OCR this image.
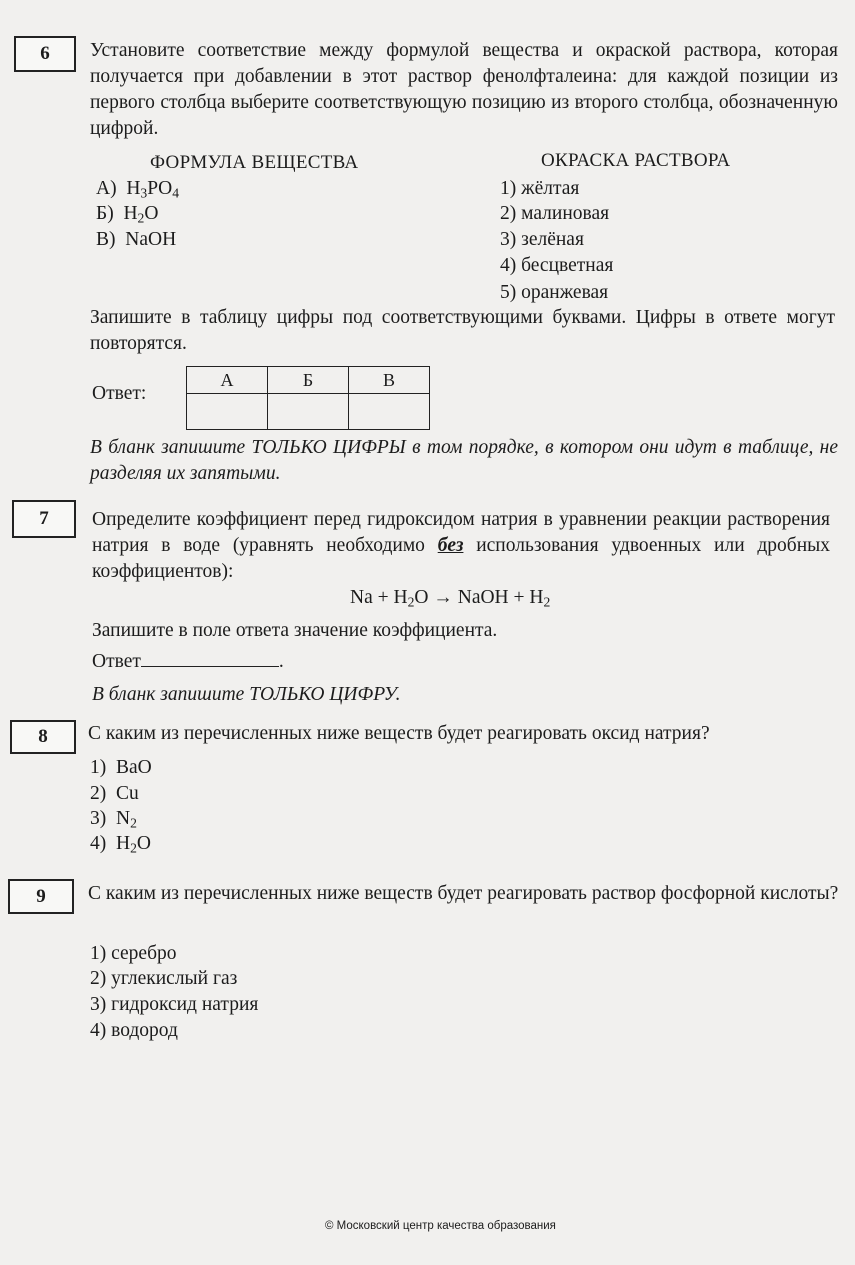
6	Установите соответствие между формулой вещества и окраской раствора, которая получается при добавлении в этот раствор фенолфталеина: для каждой позиции из первого столбца выберите соответствующую позицию из второго столбца, обозначенную цифрой.
ФОРМУЛА ВЕЩЕСТВА	ОКРАСКА РАСТВОРА
А) $H_3PO_4$
Б) $H_2O$
В) NaOH
1) жёлтая
2) малиновая
3) зелёная
4) бесцветная
5) оранжевая
Запишите в таблицу цифры под соответствующими буквами. Цифры в ответе могут повторятся.
Ответ:
А	Б	В

В бланк запишите ТОЛЬКО ЦИФРЫ в том порядке, в котором они идут в таблице, не разделяя их запятыми.
7	Определите коэффициент перед гидроксидом натрия в уравнении реакции растворения натрия в воде (уравнять необходимо без использования удвоенных или дробных коэффициентов):
$Na + H_2O$ → NaOH + $H_2$
Запишите в поле ответа значение коэффициента.
Ответ	.
В бланк запишите ТОЛЬКО ЦИФРУ.
8	С каким из перечисленных ниже веществ будет реагировать оксид натрия?
1) BaO
2) Cu
3) $N_2$
4) $H_2O$
9	С каким из перечисленных ниже веществ будет реагировать раствор фосфорной кислоты?
1) серебро
2) углекислый газ
3) гидроксид натрия
4) водород
© Московский центр качества образования
